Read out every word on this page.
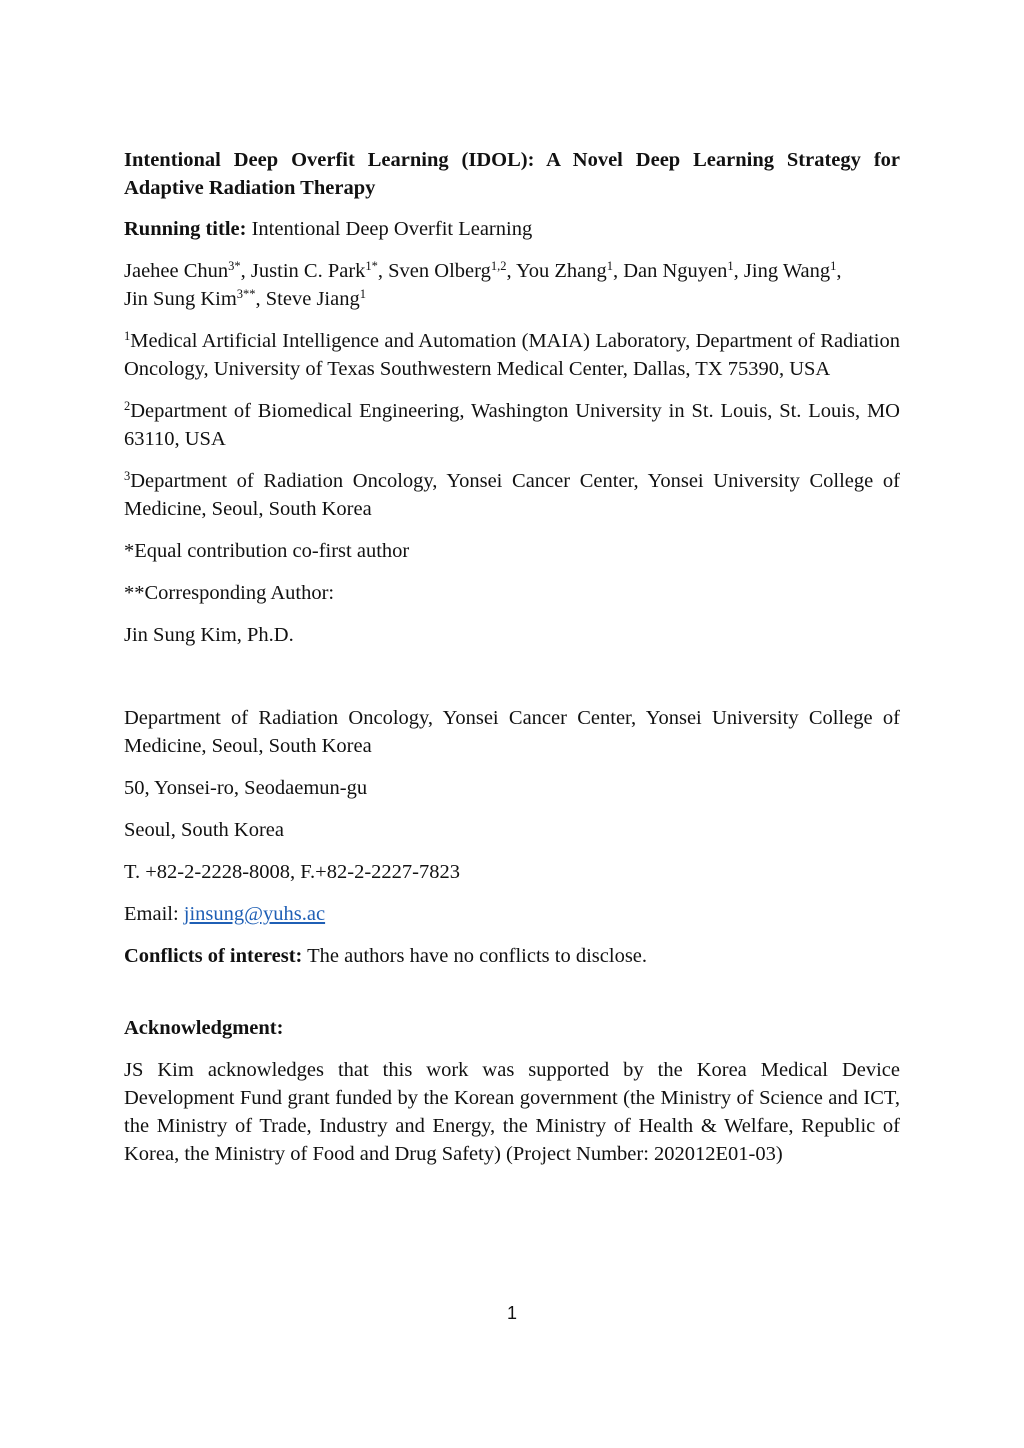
Intentional Deep Overfit Learning (IDOL): A Novel Deep Learning Strategy for Adaptive Radiation Therapy

Running title: Intentional Deep Overfit Learning

Jaehee Chun$^{3*}$, Justin C. Park$^{1*}$, Sven Olberg$^{1,2}$, You Zhang$^1$, Dan Nguyen$^1$, Jing Wang$^1$,
Jin Sung Kim$^{3**}$, Steve Jiang$^1$

$^1$Medical Artificial Intelligence and Automation (MAIA) Laboratory, Department of Radiation Oncology, University of Texas Southwestern Medical Center, Dallas, TX 75390, USA

$^2$Department of Biomedical Engineering, Washington University in St. Louis, St. Louis, MO 63110, USA

$^3$Department of Radiation Oncology, Yonsei Cancer Center, Yonsei University College of Medicine, Seoul, South Korea

*Equal contribution co-first author

**Corresponding Author:

Jin Sung Kim, Ph.D.

Department of Radiation Oncology, Yonsei Cancer Center, Yonsei University College of Medicine, Seoul, South Korea

50, Yonsei-ro, Seodaemun-gu

Seoul, South Korea

T. +82-2-2228-8008, F.+82-2-2227-7823

Email: jinsung@yuhs.ac

Conflicts of interest: The authors have no conflicts to disclose.

Acknowledgment:

JS Kim acknowledges that this work was supported by the Korea Medical Device Development Fund grant funded by the Korean government (the Ministry of Science and ICT, the Ministry of Trade, Industry and Energy, the Ministry of Health & Welfare, Republic of Korea, the Ministry of Food and Drug Safety) (Project Number: 202012E01-03)

1
